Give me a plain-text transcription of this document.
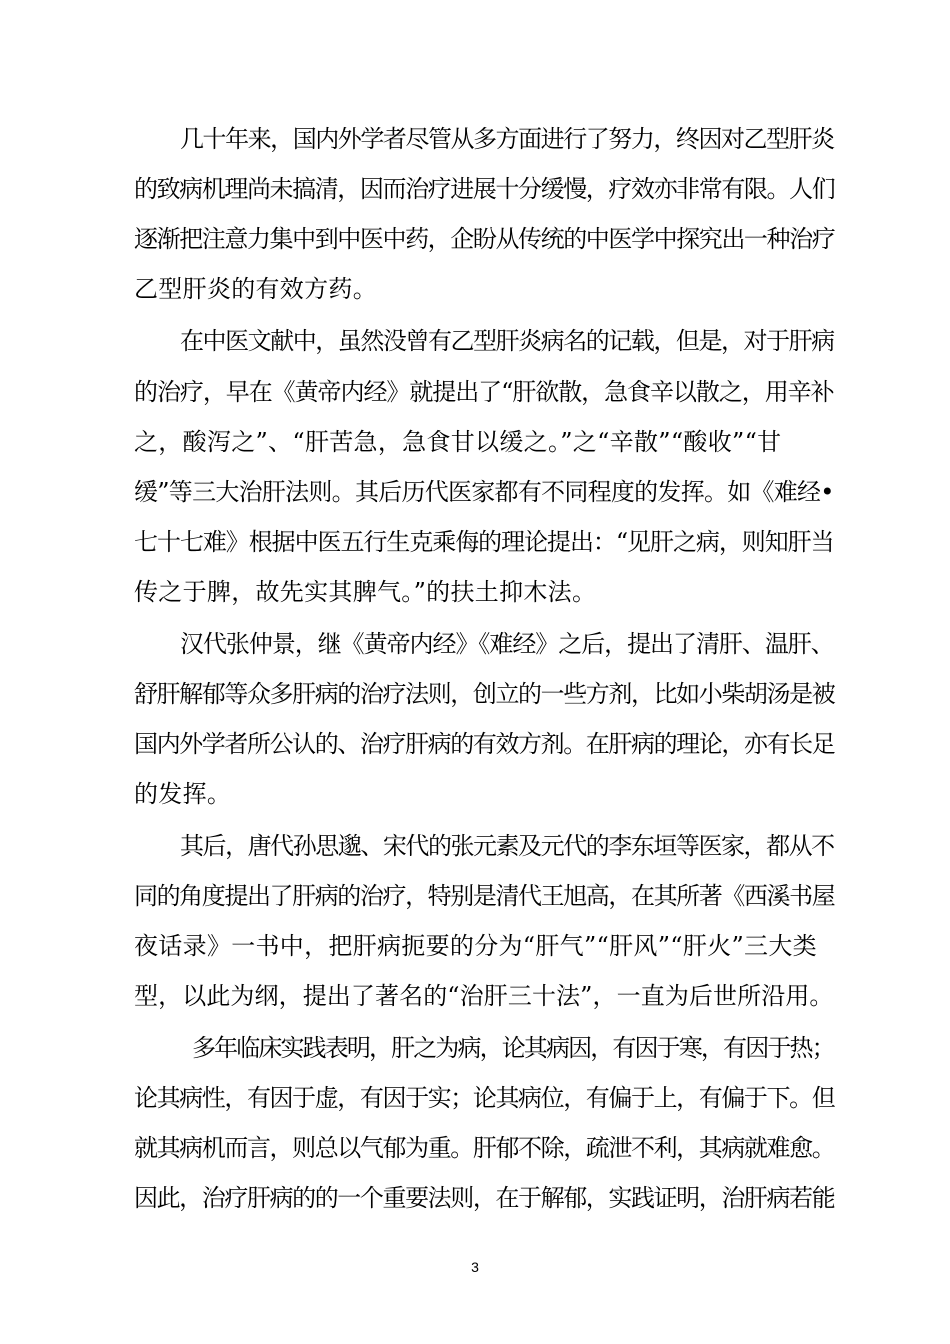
几十年来，国内外学者尽管从多方面进行了努力，终因对乙型肝炎
的致病机理尚未搞清，因而治疗进展十分缓慢，疗效亦非常有限。人们
逐渐把注意力集中到中医中药，企盼从传统的中医学中探究出一种治疗
乙型肝炎的有效方药。
在中医文献中，虽然没曾有乙型肝炎病名的记载，但是，对于肝病
的治疗，早在《黄帝内经》就提出了“肝欲散，急食辛以散之，用辛补
之，酸泻之”、“肝苦急，急食甘以缓之。”之“辛散”“酸收”“甘
缓”等三大治肝法则。其后历代医家都有不同程度的发挥。如《难经•
七十七难》根据中医五行生克乘侮的理论提出：“见肝之病，则知肝当
传之于脾，故先实其脾气。”的扶土抑木法。
汉代张仲景，继《黄帝内经》《难经》之后，提出了清肝、温肝、
舒肝解郁等众多肝病的治疗法则，创立的一些方剂，比如小柴胡汤是被
国内外学者所公认的、治疗肝病的有效方剂。在肝病的理论，亦有长足
的发挥。
其后，唐代孙思邈、宋代的张元素及元代的李东垣等医家，都从不
同的角度提出了肝病的治疗，特别是清代王旭高，在其所著《西溪书屋
夜话录》一书中，把肝病扼要的分为“肝气”“肝风”“肝火”三大类
型，以此为纲，提出了著名的“治肝三十法”，一直为后世所沿用。
多年临床实践表明，肝之为病，论其病因，有因于寒，有因于热；
论其病性，有因于虚，有因于实；论其病位，有偏于上，有偏于下。但
就其病机而言，则总以气郁为重。肝郁不除，疏泄不利，其病就难愈。
因此，治疗肝病的的一个重要法则，在于解郁，实践证明，治肝病若能
3
